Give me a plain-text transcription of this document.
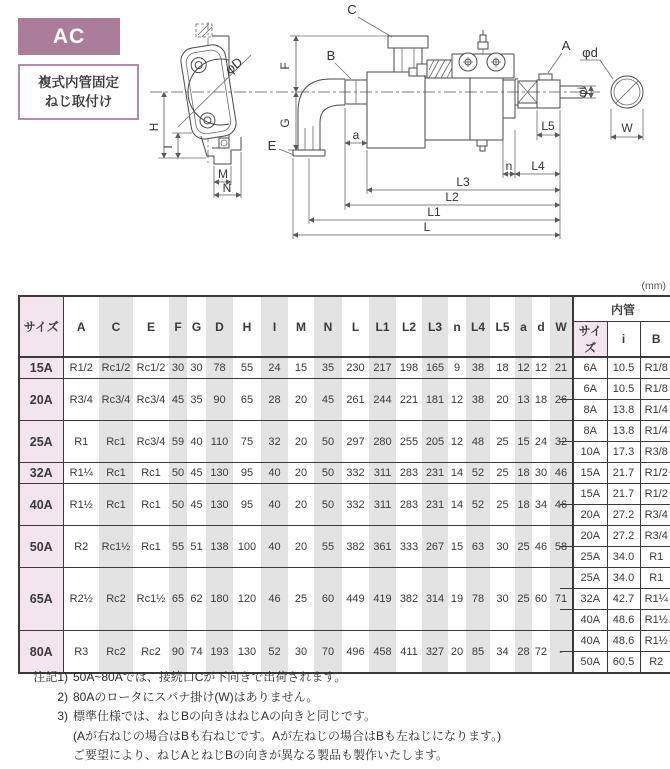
AC
複式内管固定
ねじ取付け
φD
H
I
M
N
F
G
E
B
a
C
A
φi
φd
W
L5
n L4
L3
L2
L1
L
(mm)
サイズ	A	C	E	F	G	D	H	I	M	N	L	L1	L2	L3	n	L4	L5	a	d	W	内管		
																					サイズ	i	B
15A	R1/2	Rc1/2	Rc1/2	30	30	78	55	24	15	35	230	217	198	165	9	38	18	12	12	21	6A	10.5	R1/8
20A	R3/4	Rc3/4	Rc3/4	45	35	90	65	28	20	45	261	244	221	181	12	38	20	13	18	26	6A	10.5	R1/8
																					8A	13.8	R1/4
25A	R1	Rc1	Rc3/4	59	40	110	75	32	20	50	297	280	255	205	12	48	25	15	24	32	8A	13.8	R1/4
																					10A	17.3	R3/8
32A	R1¼	Rc1	Rc1	50	45	130	95	40	20	50	332	311	283	231	14	52	25	18	30	46	15A	21.7	R1/2
40A	R1½	Rc1	Rc1	50	45	130	95	40	20	50	332	311	283	231	14	52	25	18	34	46	15A	21.7	R1/2
																					20A	27.2	R3/4
50A	R2	Rc1½	Rc1	55	51	138	100	40	20	55	382	361	333	267	15	63	30	25	46	58	20A	27.2	R3/4
																					25A	34.0	R1
65A	R2½	Rc2	Rc1½	65	62	180	120	46	25	60	449	419	382	314	19	78	30	25	60	71	25A	34.0	R1
																					32A	42.7	R1¼
																					40A	48.6	R1½
80A	R3	Rc2	Rc2	90	74	193	130	52	30	70	496	458	411	327	20	85	34	28	72	-	40A	48.6	R1½
																					50A	60.5	R2
注記1) 50A~80Aでは、接続口Cが下向きで出荷されます。
2) 80Aのロータにスパナ掛け(W)はありません。
3) 標準仕様では、ねじBの向きはねじAの向きと同じです。
(Aが右ねじの場合はBも右ねじです。Aが左ねじの場合はBも左ねじになります。)
ご要望により、ねじAとねじBの向きが異なる製品も製作いたします。
